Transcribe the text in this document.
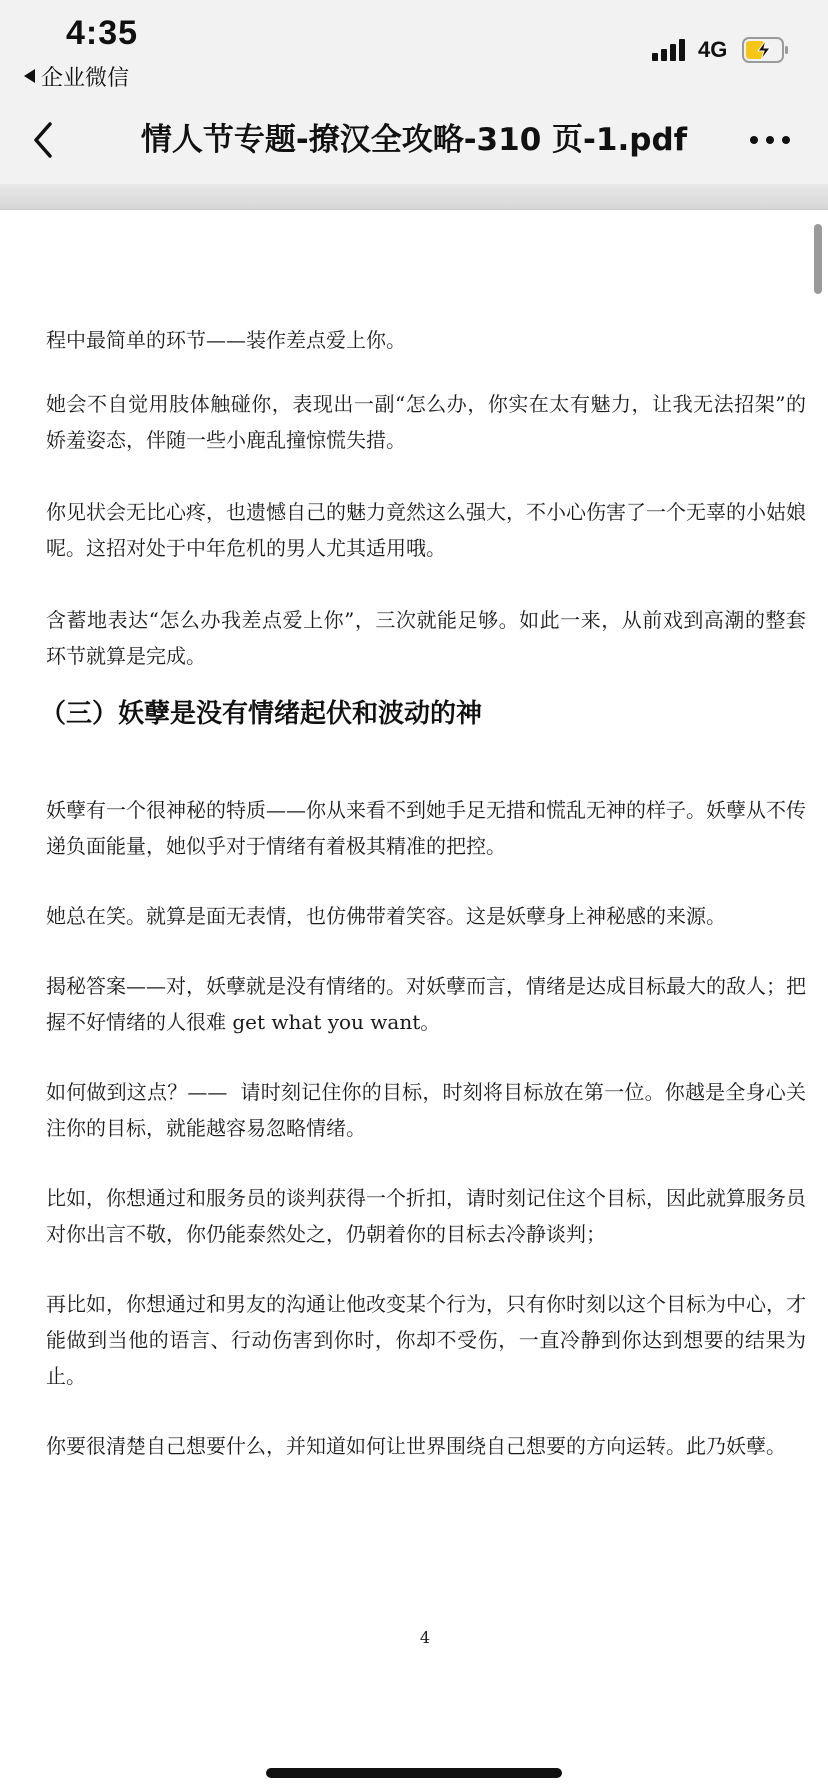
4:35
企业微信
4G
情人节专题-撩汉全攻略-310 页-1.pdf
程中最简单的环节——装作差点爱上你。
她会不自觉用肢体触碰你，表现出一副“怎么办，你实在太有魅力，让我无法招架”的娇羞姿态，伴随一些小鹿乱撞惊慌失措。
你见状会无比心疼，也遗憾自己的魅力竟然这么强大，不小心伤害了一个无辜的小姑娘呢。这招对处于中年危机的男人尤其适用哦。
含蓄地表达“怎么办我差点爱上你”，三次就能足够。如此一来，从前戏到高潮的整套环节就算是完成。
（三）妖孽是没有情绪起伏和波动的神
妖孽有一个很神秘的特质——你从来看不到她手足无措和慌乱无神的样子。妖孽从不传递负面能量，她似乎对于情绪有着极其精准的把控。
她总在笑。就算是面无表情，也仿佛带着笑容。这是妖孽身上神秘感的来源。
揭秘答案——对，妖孽就是没有情绪的。对妖孽而言，情绪是达成目标最大的敌人；把握不好情绪的人很难 get what you want。
如何做到这点？——  请时刻记住你的目标，时刻将目标放在第一位。你越是全身心关注你的目标，就能越容易忽略情绪。
比如，你想通过和服务员的谈判获得一个折扣，请时刻记住这个目标，因此就算服务员对你出言不敬，你仍能泰然处之，仍朝着你的目标去冷静谈判；
再比如，你想通过和男友的沟通让他改变某个行为，只有你时刻以这个目标为中心，才能做到当他的语言、行动伤害到你时，你却不受伤，一直冷静到你达到想要的结果为止。
你要很清楚自己想要什么，并知道如何让世界围绕自己想要的方向运转。此乃妖孽。
4
